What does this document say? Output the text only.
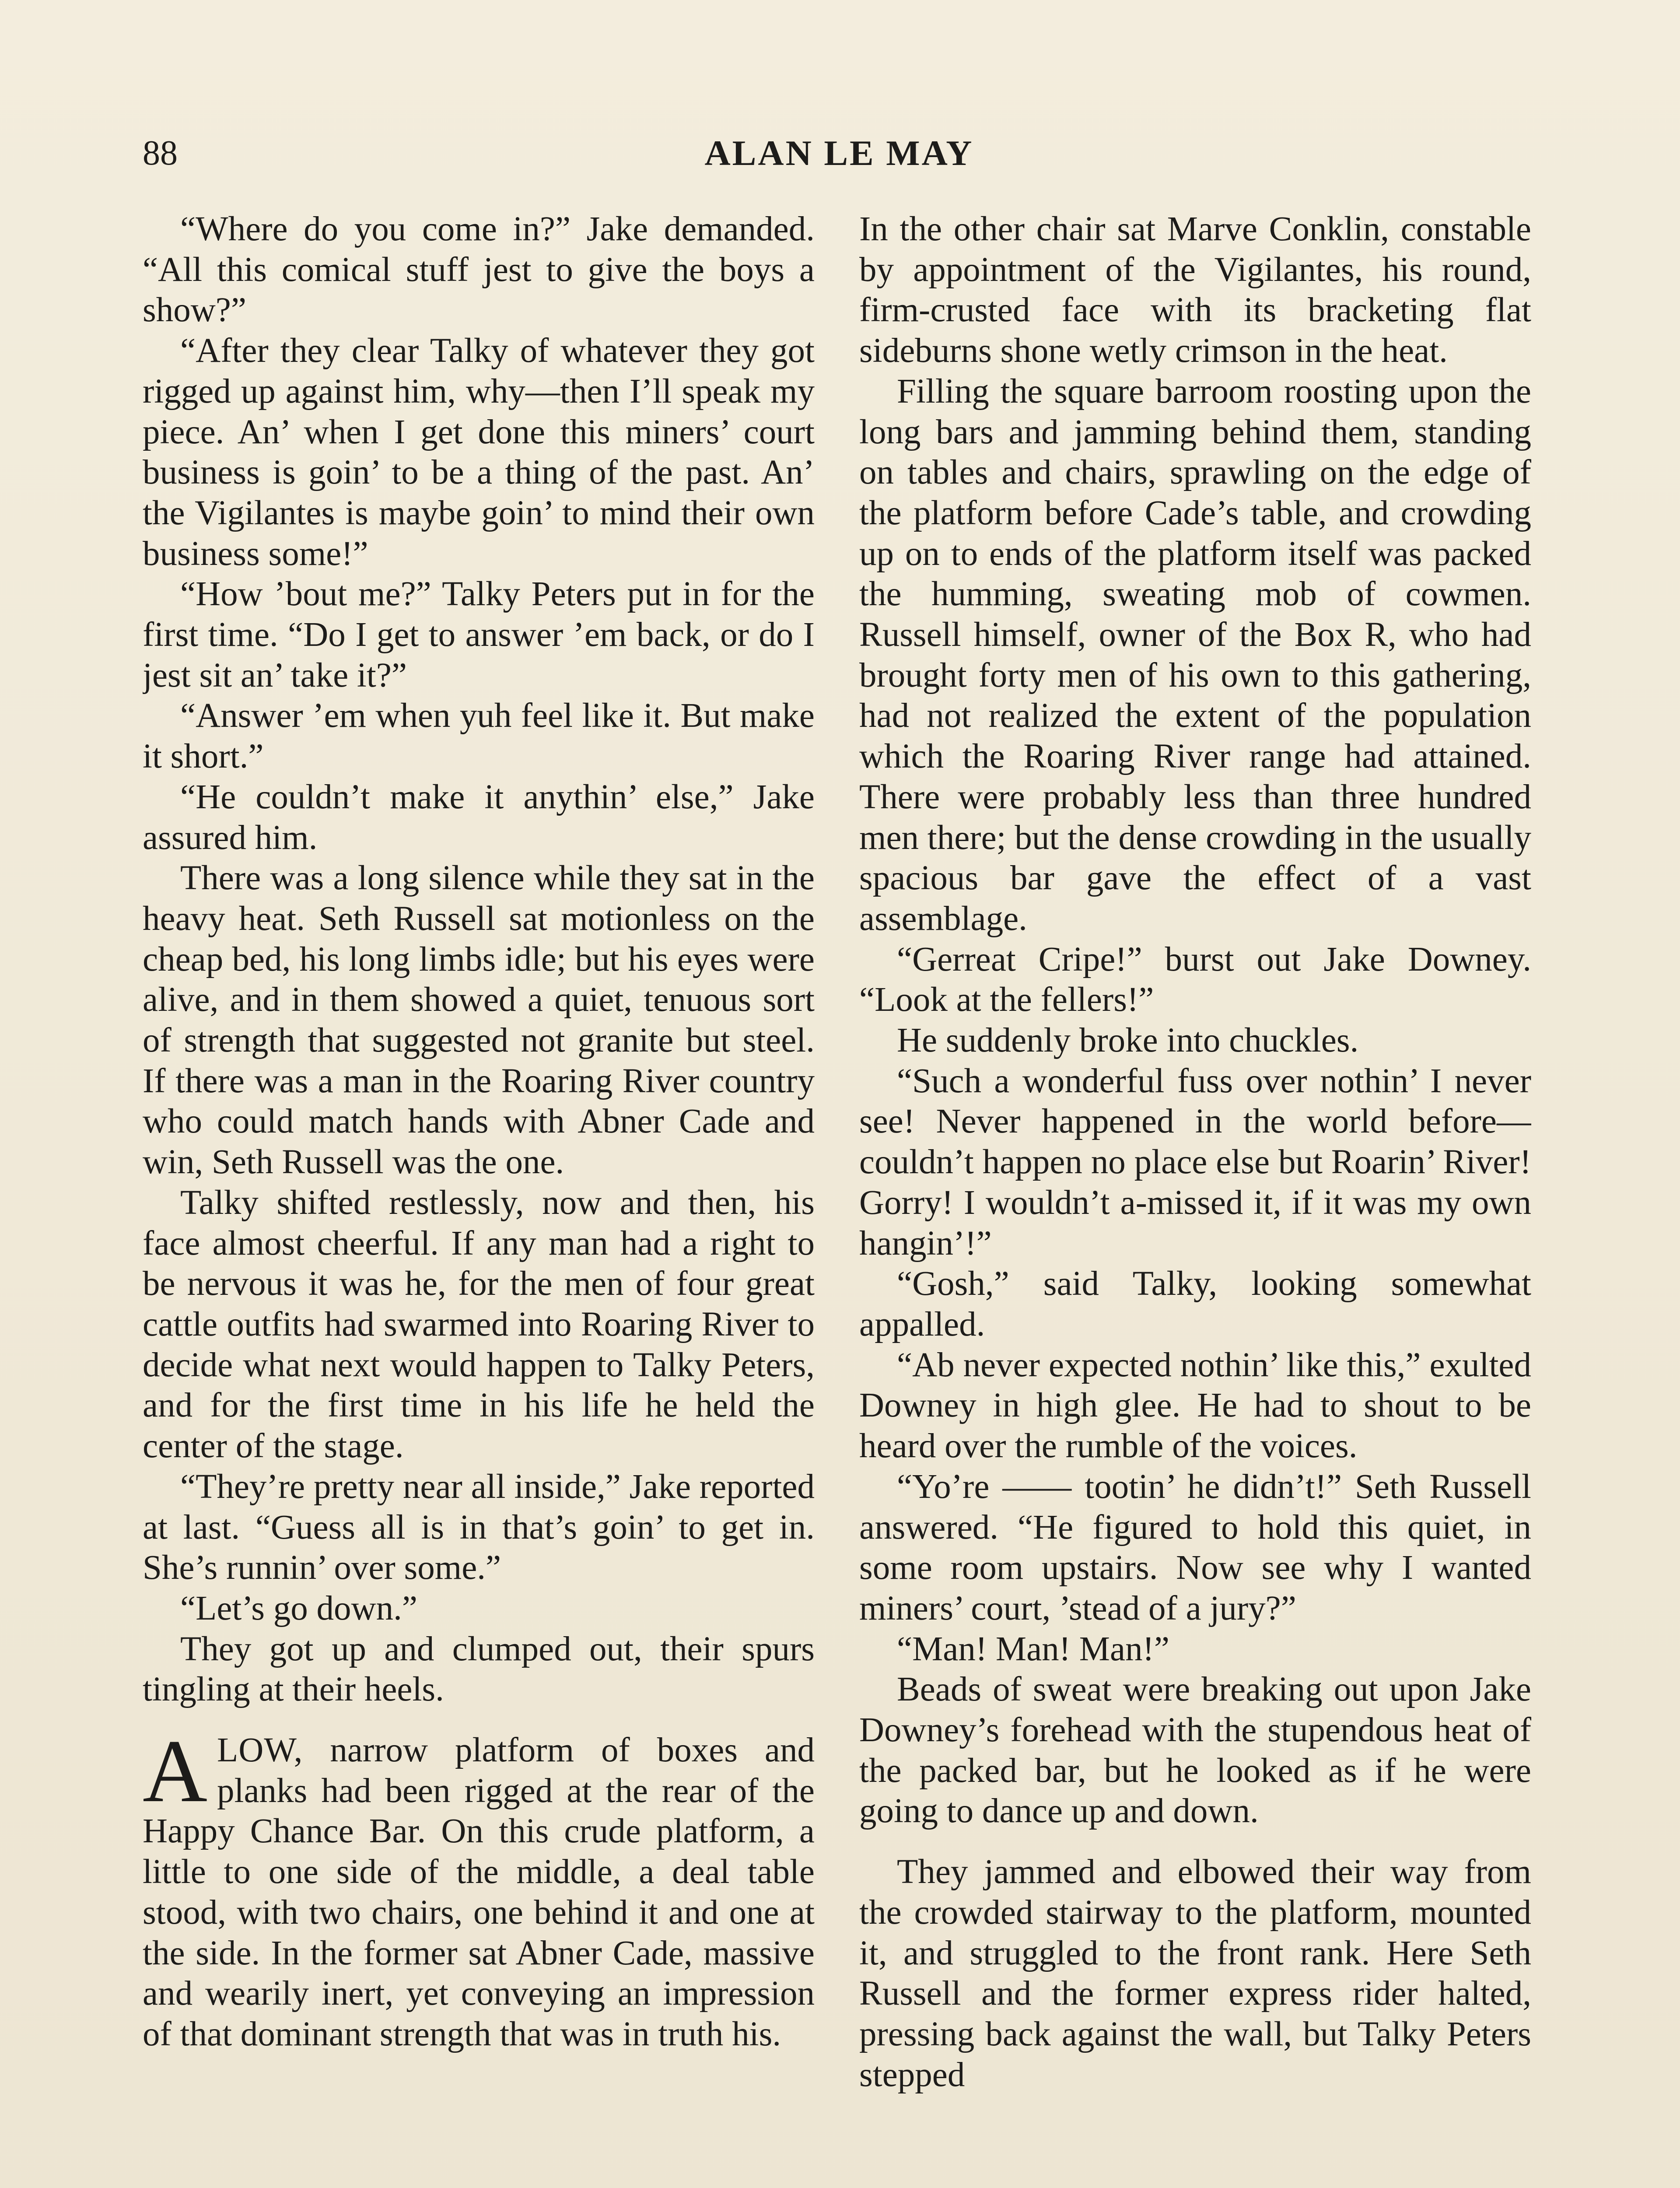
88	ALAN LE MAY

“Where do you come in?” Jake demanded. “All this comical stuff jest to give the boys a show?”

“After they clear Talky of whatever they got rigged up against him, why—then I’ll speak my piece. An’ when I get done this miners’ court business is goin’ to be a thing of the past. An’ the Vigilantes is maybe goin’ to mind their own business some!”

“How ’bout me?” Talky Peters put in for the first time. “Do I get to answer ’em back, or do I jest sit an’ take it?”

“Answer ’em when yuh feel like it. But make it short.”

“He couldn’t make it anythin’ else,” Jake assured him.

There was a long silence while they sat in the heavy heat. Seth Russell sat motionless on the cheap bed, his long limbs idle; but his eyes were alive, and in them showed a quiet, tenuous sort of strength that suggested not granite but steel. If there was a man in the Roaring River country who could match hands with Abner Cade and win, Seth Russell was the one.

Talky shifted restlessly, now and then, his face almost cheerful. If any man had a right to be nervous it was he, for the men of four great cattle outfits had swarmed into Roaring River to decide what next would happen to Talky Peters, and for the first time in his life he held the center of the stage.

“They’re pretty near all inside,” Jake reported at last. “Guess all is in that’s goin’ to get in. She’s runnin’ over some.”

“Let’s go down.”

They got up and clumped out, their spurs tingling at their heels.

ALOW, narrow platform of boxes and planks had been rigged at the rear of the Happy Chance Bar. On this crude platform, a little to one side of the middle, a deal table stood, with two chairs, one behind it and one at the side. In the former sat Abner Cade, massive and wearily inert, yet conveying an impression of that dominant strength that was in truth his.

In the other chair sat Marve Conklin, constable by appointment of the Vigilantes, his round, firm-crusted face with its bracketing flat sideburns shone wetly crimson in the heat.

Filling the square barroom roosting upon the long bars and jamming behind them, standing on tables and chairs, sprawling on the edge of the platform before Cade’s table, and crowding up on to ends of the platform itself was packed the humming, sweating mob of cowmen. Russell himself, owner of the Box R, who had brought forty men of his own to this gathering, had not realized the extent of the population which the Roaring River range had attained. There were probably less than three hundred men there; but the dense crowding in the usually spacious bar gave the effect of a vast assemblage.

“Gerreat Cripe!” burst out Jake Downey. “Look at the fellers!”

He suddenly broke into chuckles.

“Such a wonderful fuss over nothin’ I never see! Never happened in the world before—couldn’t happen no place else but Roarin’ River! Gorry! I wouldn’t a-missed it, if it was my own hangin’!”

“Gosh,” said Talky, looking somewhat appalled.

“Ab never expected nothin’ like this,” exulted Downey in high glee. He had to shout to be heard over the rumble of the voices.

“Yo’re —— tootin’ he didn’t!” Seth Russell answered. “He figured to hold this quiet, in some room upstairs. Now see why I wanted miners’ court, ’stead of a jury?”

“Man! Man! Man!”

Beads of sweat were breaking out upon Jake Downey’s forehead with the stupendous heat of the packed bar, but he looked as if he were going to dance up and down.

They jammed and elbowed their way from the crowded stairway to the platform, mounted it, and struggled to the front rank. Here Seth Russell and the former express rider halted, pressing back against the wall, but Talky Peters stepped
